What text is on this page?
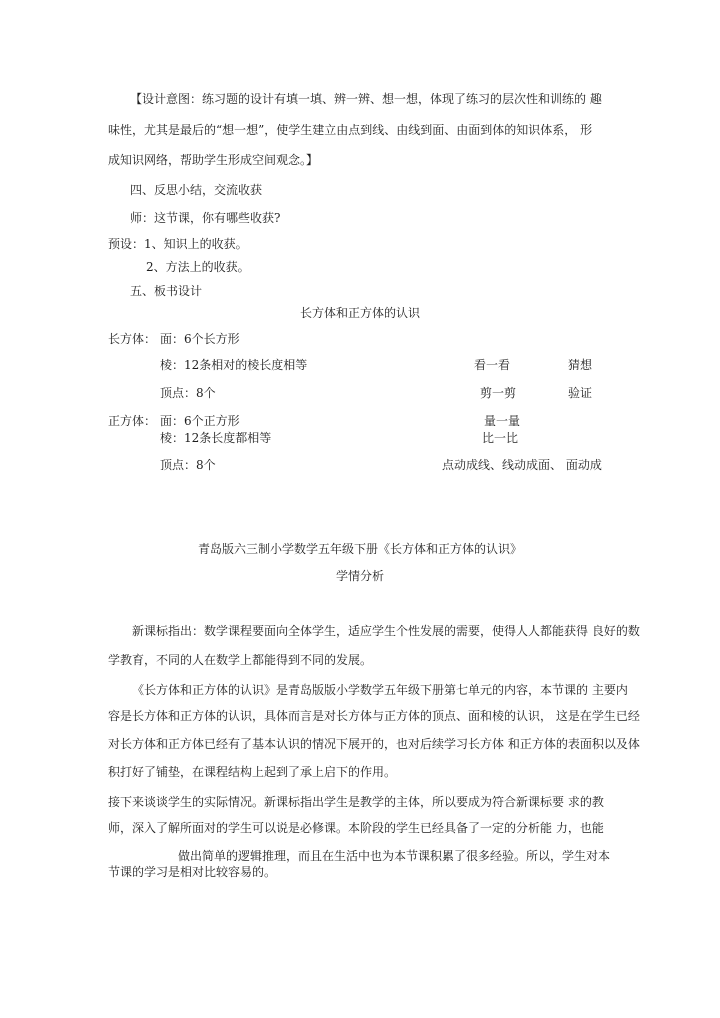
【设计意图：练习题的设计有填一填、辨一辨、想一想，体现了练习的层次性和训练的 趣

味性，尤其是最后的“想一想”，使学生建立由点到线、由线到面、由面到体的知识体系， 形

成知识网络，帮助学生形成空间观念。】

四、反思小结，交流收获

师：这节课，你有哪些收获?

预设：1、知识上的收获。

2、方法上的收获。

五、板书设计

长方体和正方体的认识

长方体： 面：6个长方形

棱：12条相对的棱长度相等	看一看	猜想

顶点：8个	剪一剪	验证

正方体： 面：6个正方形	量一量

棱：12条长度都相等	比一比

顶点：8个	点动成线、线动成面、 面动成

青岛版六三制小学数学五年级下册《长方体和正方体的认识》

学情分析

新课标指出：数学课程要面向全体学生，适应学生个性发展的需要，使得人人都能获得 良好的数

学教育，不同的人在数学上都能得到不同的发展。

《长方体和正方体的认识》是青岛版版小学数学五年级下册第七单元的内容，本节课的 主要内

容是长方体和正方体的认识，具体而言是对长方体与正方体的顶点、面和棱的认识， 这是在学生已经

对长方体和正方体已经有了基本认识的情况下展开的，也对后续学习长方体 和正方体的表面积以及体

积打好了铺垫，在课程结构上起到了承上启下的作用。

接下来谈谈学生的实际情况。新课标指出学生是教学的主体，所以要成为符合新课标要 求的教

师，深入了解所面对的学生可以说是必修课。本阶段的学生已经具备了一定的分析能 力，也能

做出简单的逻辑推理，而且在生活中也为本节课积累了很多经验。所以，学生对本

节课的学习是相对比较容易的。
